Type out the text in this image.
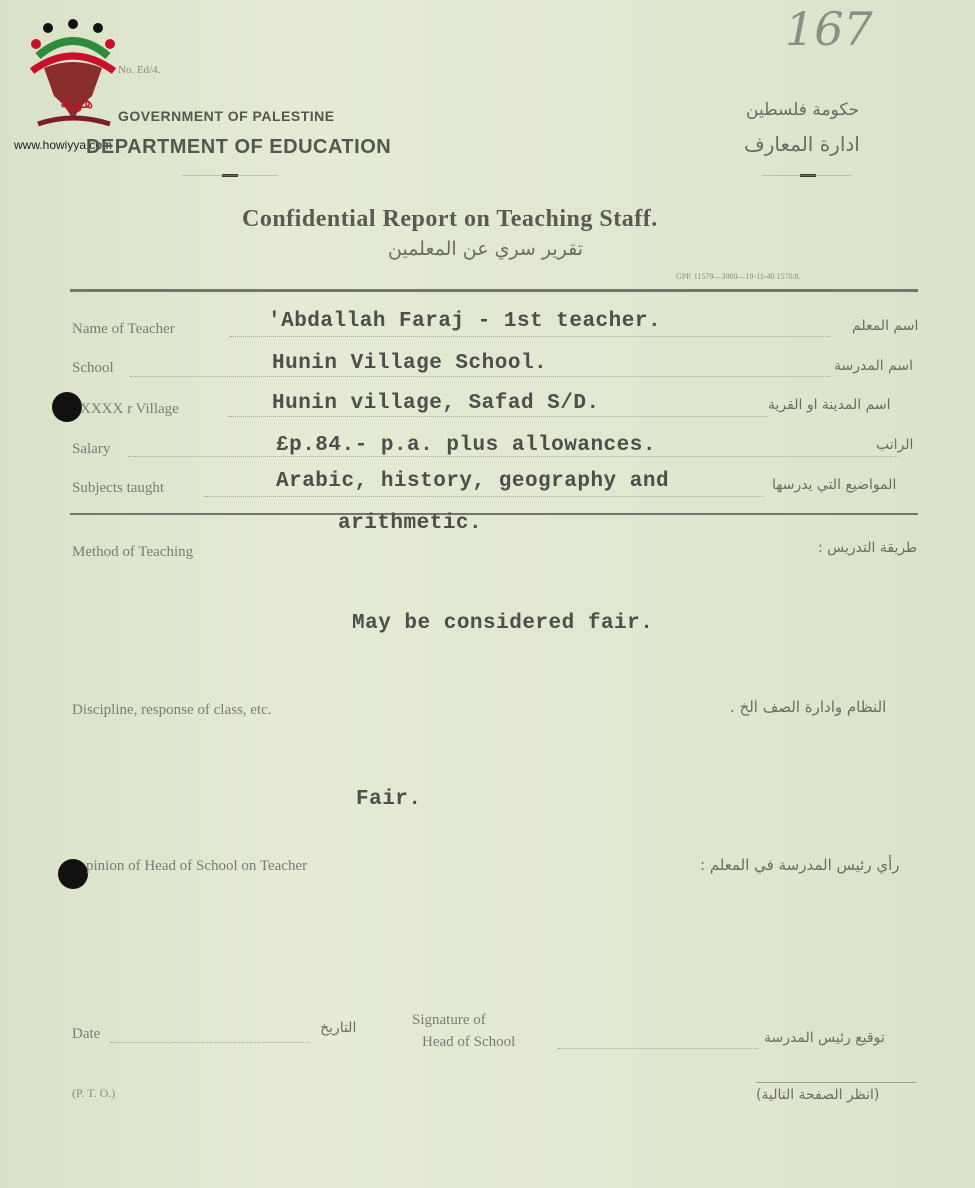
167
هوية
www.howiyya.com
No. Ed/4.
GOVERNMENT OF PALESTINE
DEPARTMENT OF EDUCATION
حكومة فلسطين
ادارة المعارف
Confidential Report on Teaching Staff.
تقرير سري عن المعلمين
GPP. 11579—3000—19-11-40 1570/8.
Name of Teacher	'Abdallah Faraj - 1st teacher.	اسم المعلم
School	Hunin Village School.	اسم المدرسة
XXXX r Village	Hunin village, Safad S/D.	اسم المدينة او القرية
Salary	£p.84.- p.a. plus allowances.	الراتب
Subjects taught	Arabic, history, geography and	المواضيع التي يدرسها
arithmetic.
Method of Teaching	طريقة التدريس :
May be considered fair.
Discipline, response of class, etc.	النظام وادارة الصف الخ .
Fair.
pinion of Head of School on Teacher	رأي رئيس المدرسة في المعلم :
Date	التاريخ	Signature of
Head of School	توقيع رئيس المدرسة
(P. T. O.)	(انظر الصفحة التالية)
